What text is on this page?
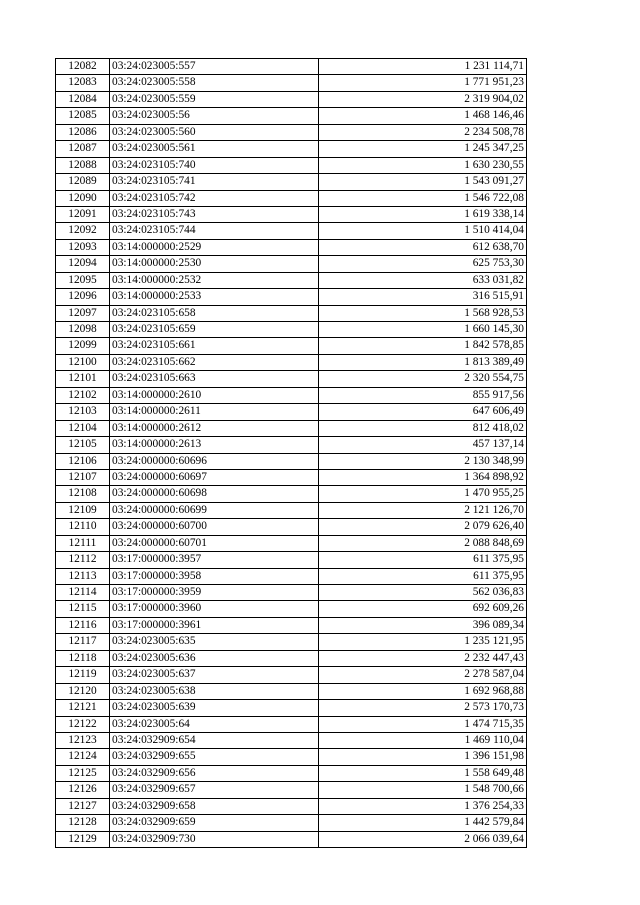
12082	03:24:023005:557	1 231 114,71
12083	03:24:023005:558	1 771 951,23
12084	03:24:023005:559	2 319 904,02
12085	03:24:023005:56	1 468 146,46
12086	03:24:023005:560	2 234 508,78
12087	03:24:023005:561	1 245 347,25
12088	03:24:023105:740	1 630 230,55
12089	03:24:023105:741	1 543 091,27
12090	03:24:023105:742	1 546 722,08
12091	03:24:023105:743	1 619 338,14
12092	03:24:023105:744	1 510 414,04
12093	03:14:000000:2529	612 638,70
12094	03:14:000000:2530	625 753,30
12095	03:14:000000:2532	633 031,82
12096	03:14:000000:2533	316 515,91
12097	03:24:023105:658	1 568 928,53
12098	03:24:023105:659	1 660 145,30
12099	03:24:023105:661	1 842 578,85
12100	03:24:023105:662	1 813 389,49
12101	03:24:023105:663	2 320 554,75
12102	03:14:000000:2610	855 917,56
12103	03:14:000000:2611	647 606,49
12104	03:14:000000:2612	812 418,02
12105	03:14:000000:2613	457 137,14
12106	03:24:000000:60696	2 130 348,99
12107	03:24:000000:60697	1 364 898,92
12108	03:24:000000:60698	1 470 955,25
12109	03:24:000000:60699	2 121 126,70
12110	03:24:000000:60700	2 079 626,40
12111	03:24:000000:60701	2 088 848,69
12112	03:17:000000:3957	611 375,95
12113	03:17:000000:3958	611 375,95
12114	03:17:000000:3959	562 036,83
12115	03:17:000000:3960	692 609,26
12116	03:17:000000:3961	396 089,34
12117	03:24:023005:635	1 235 121,95
12118	03:24:023005:636	2 232 447,43
12119	03:24:023005:637	2 278 587,04
12120	03:24:023005:638	1 692 968,88
12121	03:24:023005:639	2 573 170,73
12122	03:24:023005:64	1 474 715,35
12123	03:24:032909:654	1 469 110,04
12124	03:24:032909:655	1 396 151,98
12125	03:24:032909:656	1 558 649,48
12126	03:24:032909:657	1 548 700,66
12127	03:24:032909:658	1 376 254,33
12128	03:24:032909:659	1 442 579,84
12129	03:24:032909:730	2 066 039,64
